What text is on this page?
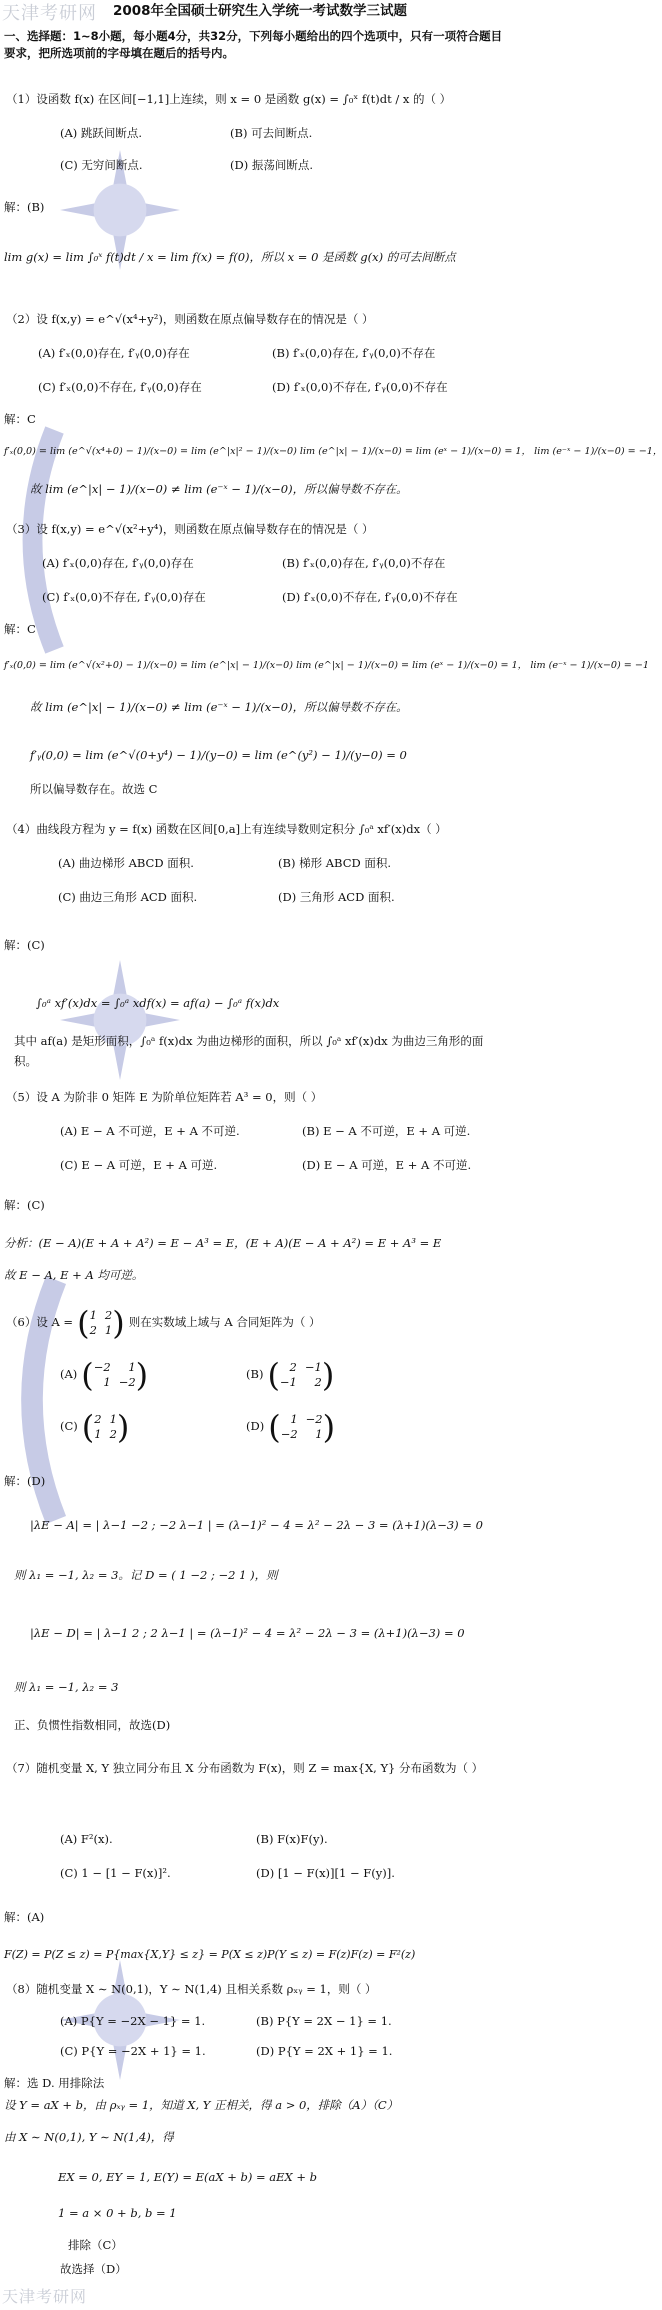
天津考研网
天津考研网
2008年全国硕士研究生入学统一考试数学三试题
一、选择题：1~8小题，每小题4分，共32分，下列每小题给出的四个选项中，只有一项符合题目要求，把所选项前的字母填在题后的括号内。
（1）设函数 f(x) 在区间[−1,1]上连续，则 x = 0 是函数 g(x) = ∫₀ˣ f(t)dt / x 的（ ）
(A) 跳跃间断点.	(B) 可去间断点.
(C) 无穷间断点.	(D) 振荡间断点.
解：(B)
lim g(x) = lim ∫₀ˣ f(t)dt / x = lim f(x) = f(0)，所以 x = 0 是函数 g(x) 的可去间断点
（2）设 f(x,y) = e^√(x⁴+y²)，则函数在原点偏导数存在的情况是（ ）
(A) f′ₓ(0,0)存在, f′ᵧ(0,0)存在	(B) f′ₓ(0,0)存在, f′ᵧ(0,0)不存在
(C) f′ₓ(0,0)不存在, f′ᵧ(0,0)存在	(D) f′ₓ(0,0)不存在, f′ᵧ(0,0)不存在
解：C
f′ₓ(0,0) = lim (e^√(x⁴+0) − 1)/(x−0) = lim (e^|x|² − 1)/(x−0) lim (e^|x| − 1)/(x−0) = lim (eˣ − 1)/(x−0) = 1， lim (e⁻ˣ − 1)/(x−0) = −1，
故 lim (e^|x| − 1)/(x−0) ≠ lim (e⁻ˣ − 1)/(x−0)，所以偏导数不存在。
（3）设 f(x,y) = e^√(x²+y⁴)，则函数在原点偏导数存在的情况是（ ）
(A) f′ₓ(0,0)存在, f′ᵧ(0,0)存在	(B) f′ₓ(0,0)存在, f′ᵧ(0,0)不存在
(C) f′ₓ(0,0)不存在, f′ᵧ(0,0)存在	(D) f′ₓ(0,0)不存在, f′ᵧ(0,0)不存在
解：C
f′ₓ(0,0) = lim (e^√(x²+0) − 1)/(x−0) = lim (e^|x| − 1)/(x−0) lim (e^|x| − 1)/(x−0) = lim (eˣ − 1)/(x−0) = 1， lim (e⁻ˣ − 1)/(x−0) = −1
故 lim (e^|x| − 1)/(x−0) ≠ lim (e⁻ˣ − 1)/(x−0)，所以偏导数不存在。
f′ᵧ(0,0) = lim (e^√(0+y⁴) − 1)/(y−0) = lim (e^(y²) − 1)/(y−0) = 0
所以偏导数存在。故选 C
（4）曲线段方程为 y = f(x) 函数在区间[0,a]上有连续导数则定积分 ∫₀ᵃ xf′(x)dx（ ）
(A) 曲边梯形 ABCD 面积.	(B) 梯形 ABCD 面积.
(C) 曲边三角形 ACD 面积.	(D) 三角形 ACD 面积.
解：(C)
∫₀ᵃ xf′(x)dx = ∫₀ᵃ xdf(x) = af(a) − ∫₀ᵃ f(x)dx
其中 af(a) 是矩形面积，∫₀ᵃ f(x)dx 为曲边梯形的面积，所以 ∫₀ᵃ xf′(x)dx 为曲边三角形的面积。
（5）设 A 为阶非 0 矩阵 E 为阶单位矩阵若 A³ = 0，则（ ）
(A) E − A 不可逆，E + A 不可逆.	(B) E − A 不可逆，E + A 可逆.
(C) E − A 可逆，E + A 可逆.	(D) E − A 可逆，E + A 不可逆.
解：(C)
分析：(E − A)(E + A + A²) = E − A³ = E，(E + A)(E − A + A²) = E + A³ = E
故 E − A, E + A 均可逆。
（6）设 A = ( 1 2
2 1 ) 则在实数域上域与 A 合同矩阵为（ ）
(A) ( −2	1
1 −2 )	(B) ( 2 −1
−1	2 )
(C) ( 2 1
1 2 )	(D) ( 1 −2
−2	1 )
解：(D)
|λE − A| = | λ−1 −2 ; −2 λ−1 | = (λ−1)² − 4 = λ² − 2λ − 3 = (λ+1)(λ−3) = 0
则 λ₁ = −1, λ₂ = 3。记 D = ( 1 −2 ; −2 1 )，则
|λE − D| = | λ−1 2 ; 2 λ−1 | = (λ−1)² − 4 = λ² − 2λ − 3 = (λ+1)(λ−3) = 0
则 λ₁ = −1, λ₂ = 3
正、负惯性指数相同，故选(D)
（7）随机变量 X, Y 独立同分布且 X 分布函数为 F(x)，则 Z = max{X, Y} 分布函数为（ ）
(A) F²(x).	(B) F(x)F(y).
(C) 1 − [1 − F(x)]².	(D) [1 − F(x)][1 − F(y)].
解：(A)
F(Z) = P(Z ≤ z) = P{max{X,Y} ≤ z} = P(X ≤ z)P(Y ≤ z) = F(z)F(z) = F²(z)
（8）随机变量 X ∼ N(0,1)，Y ∼ N(1,4) 且相关系数 ρₓᵧ = 1，则（ ）
(A) P{Y = −2X − 1} = 1.	(B) P{Y = 2X − 1} = 1.
(C) P{Y = −2X + 1} = 1.	(D) P{Y = 2X + 1} = 1.
解：选 D. 用排除法
设 Y = aX + b，由 ρₓᵧ = 1，知道 X, Y 正相关，得 a > 0，排除（A）（C）
由 X ∼ N(0,1), Y ∼ N(1,4)，得
EX = 0, EY = 1, E(Y) = E(aX + b) = aEX + b
1 = a × 0 + b, b = 1
排除（C）
故选择（D）
